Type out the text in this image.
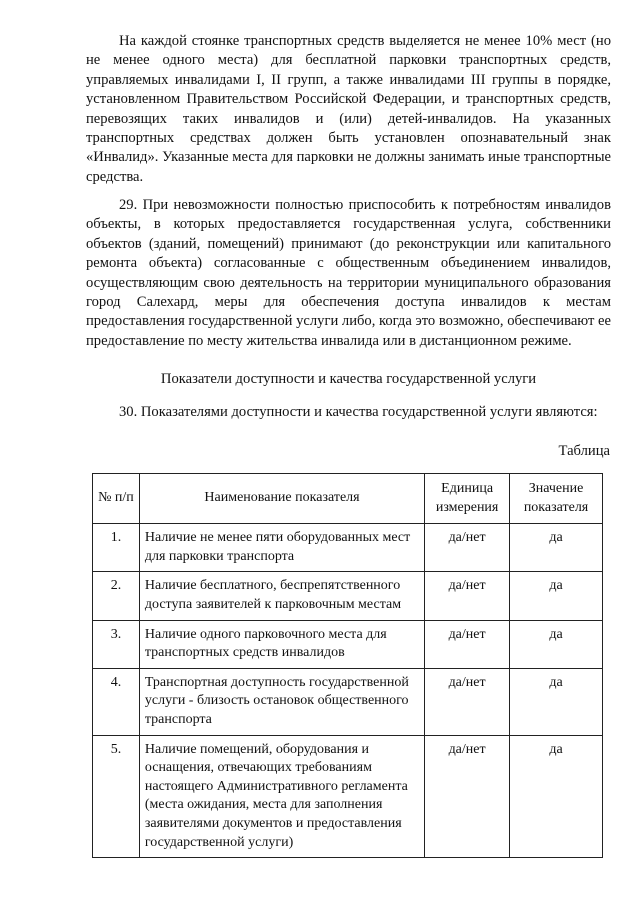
На каждой стоянке транспортных средств выделяется не менее 10% мест (но не менее одного места) для бесплатной парковки транспортных средств, управляемых инвалидами I, II групп, а также инвалидами III группы в порядке, установленном Правительством Российской Федерации, и транспортных средств, перевозящих таких инвалидов и (или) детей-инвалидов. На указанных транспортных средствах должен быть установлен опознавательный знак «Инвалид». Указанные места для парковки не должны занимать иные транспортные средства.

29. При невозможности полностью приспособить к потребностям инвалидов объекты, в которых предоставляется государственная услуга, собственники объектов (зданий, помещений) принимают (до реконструкции или капитального ремонта объекта) согласованные с общественным объединением инвалидов, осуществляющим свою деятельность на территории муниципального образования город Салехард, меры для обеспечения доступа инвалидов к местам предоставления государственной услуги либо, когда это возможно, обеспечивают ее предоставление по месту жительства инвалида или в дистанционном режиме.

Показатели доступности и качества государственной услуги

30. Показателями доступности и качества государственной услуги являются:

Таблица

№ п/п	Наименование показателя	Единица измерения	Значение показателя
1.	Наличие не менее пяти оборудованных мест для парковки транспорта	да/нет	да
2.	Наличие бесплатного, беспрепятственного доступа заявителей к парковочным местам	да/нет	да
3.	Наличие одного парковочного места для транспортных средств инвалидов	да/нет	да
4.	Транспортная доступность государственной услуги - близость остановок общественного транспорта	да/нет	да
5.	Наличие помещений, оборудования и оснащения, отвечающих требованиям настоящего Административного регламента (места ожидания, места для заполнения заявителями документов и предоставления государственной услуги)	да/нет	да
